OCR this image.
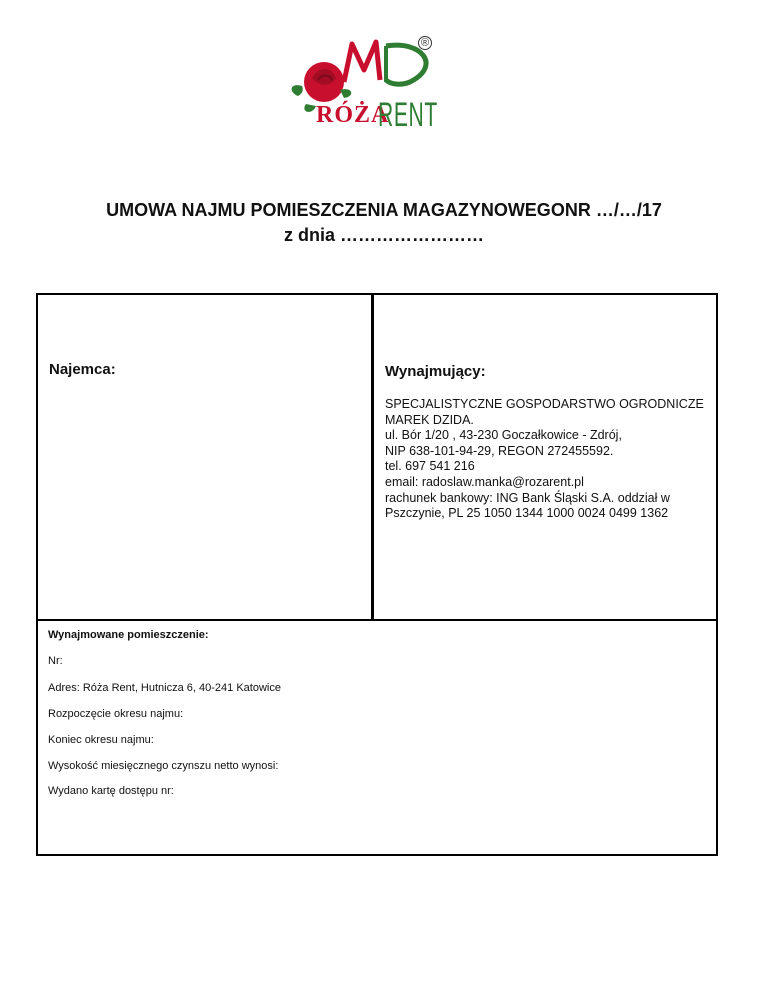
RÓŻA
RENT
®
UMOWA NAJMU POMIESZCZENIA MAGAZYNOWEGONR …/…/17
z dnia ……………………
Najemca:	Wynajmujący:
SPECJALISTYCZNE GOSPODARSTWO OGRODNICZE
MAREK DZIDA.
ul. Bór 1/20 , 43-230 Goczałkowice - Zdrój,
NIP 638-101-94-29, REGON 272455592.
tel. 697 541 216
email: radoslaw.manka@rozarent.pl
rachunek bankowy: ING Bank Śląski S.A. oddział w
Pszczynie, PL 25 1050 1344 1000 0024 0499 1362
Wynajmowane pomieszczenie:
Nr:
Adres: Róża Rent, Hutnicza 6, 40-241 Katowice
Rozpoczęcie okresu najmu:
Koniec okresu najmu:
Wysokość miesięcznego czynszu netto wynosi:
Wydano kartę dostępu nr:
